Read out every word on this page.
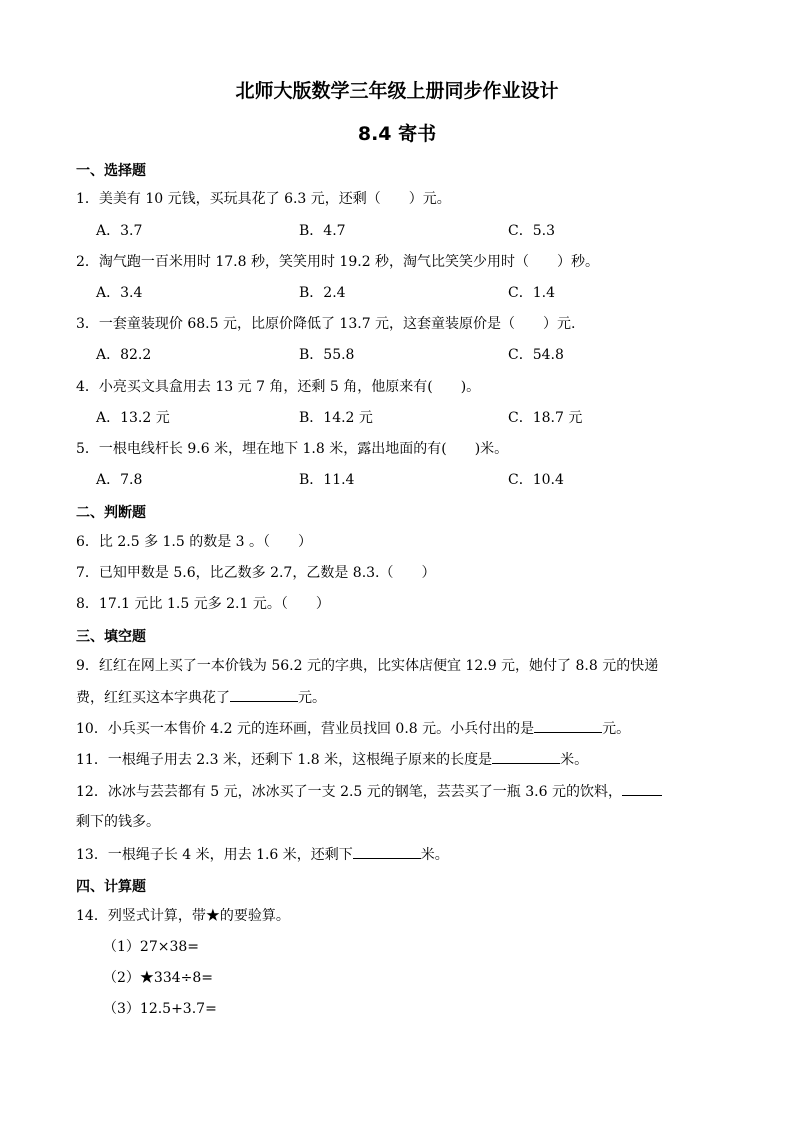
北师大版数学三年级上册同步作业设计
8.4 寄书
一、选择题
1．美美有 10 元钱，买玩具花了 6.3 元，还剩（　　）元。
A．3.7	B．4.7	C．5.3
2．淘气跑一百米用时 17.8 秒，笑笑用时 19.2 秒，淘气比笑笑少用时（　　）秒。
A．3.4	B．2.4	C．1.4
3．一套童装现价 68.5 元，比原价降低了 13.7 元，这套童装原价是（　　）元.
A．82.2	B．55.8	C．54.8
4．小亮买文具盒用去 13 元 7 角，还剩 5 角，他原来有(　　)。
A．13.2 元	B．14.2 元	C．18.7 元
5．一根电线杆长 9.6 米，埋在地下 1.8 米，露出地面的有(　　)米。
A．7.8	B．11.4	C．10.4
二、判断题
6．比 2.5 多 1.5 的数是 3 。（　　）
7．已知甲数是 5.6，比乙数多 2.7，乙数是 8.3.（　　）
8．17.1 元比 1.5 元多 2.1 元。（　　）
三、填空题
9．红红在网上买了一本价钱为 56.2 元的字典，比实体店便宜 12.9 元，她付了 8.8 元的快递
费，红红买这本字典花了	元。
10．小兵买一本售价 4.2 元的连环画，营业员找回 0.8 元。小兵付出的是	元。
11．一根绳子用去 2.3 米，还剩下 1.8 米，这根绳子原来的长度是	米。
12．冰冰与芸芸都有 5 元，冰冰买了一支 2.5 元的钢笔，芸芸买了一瓶 3.6 元的饮料，
剩下的钱多。
13．一根绳子长 4 米，用去 1.6 米，还剩下	米。
四、计算题
14．列竖式计算，带★的要验算。
（1）27×38=
（2）★334÷8=
（3）12.5+3.7=
